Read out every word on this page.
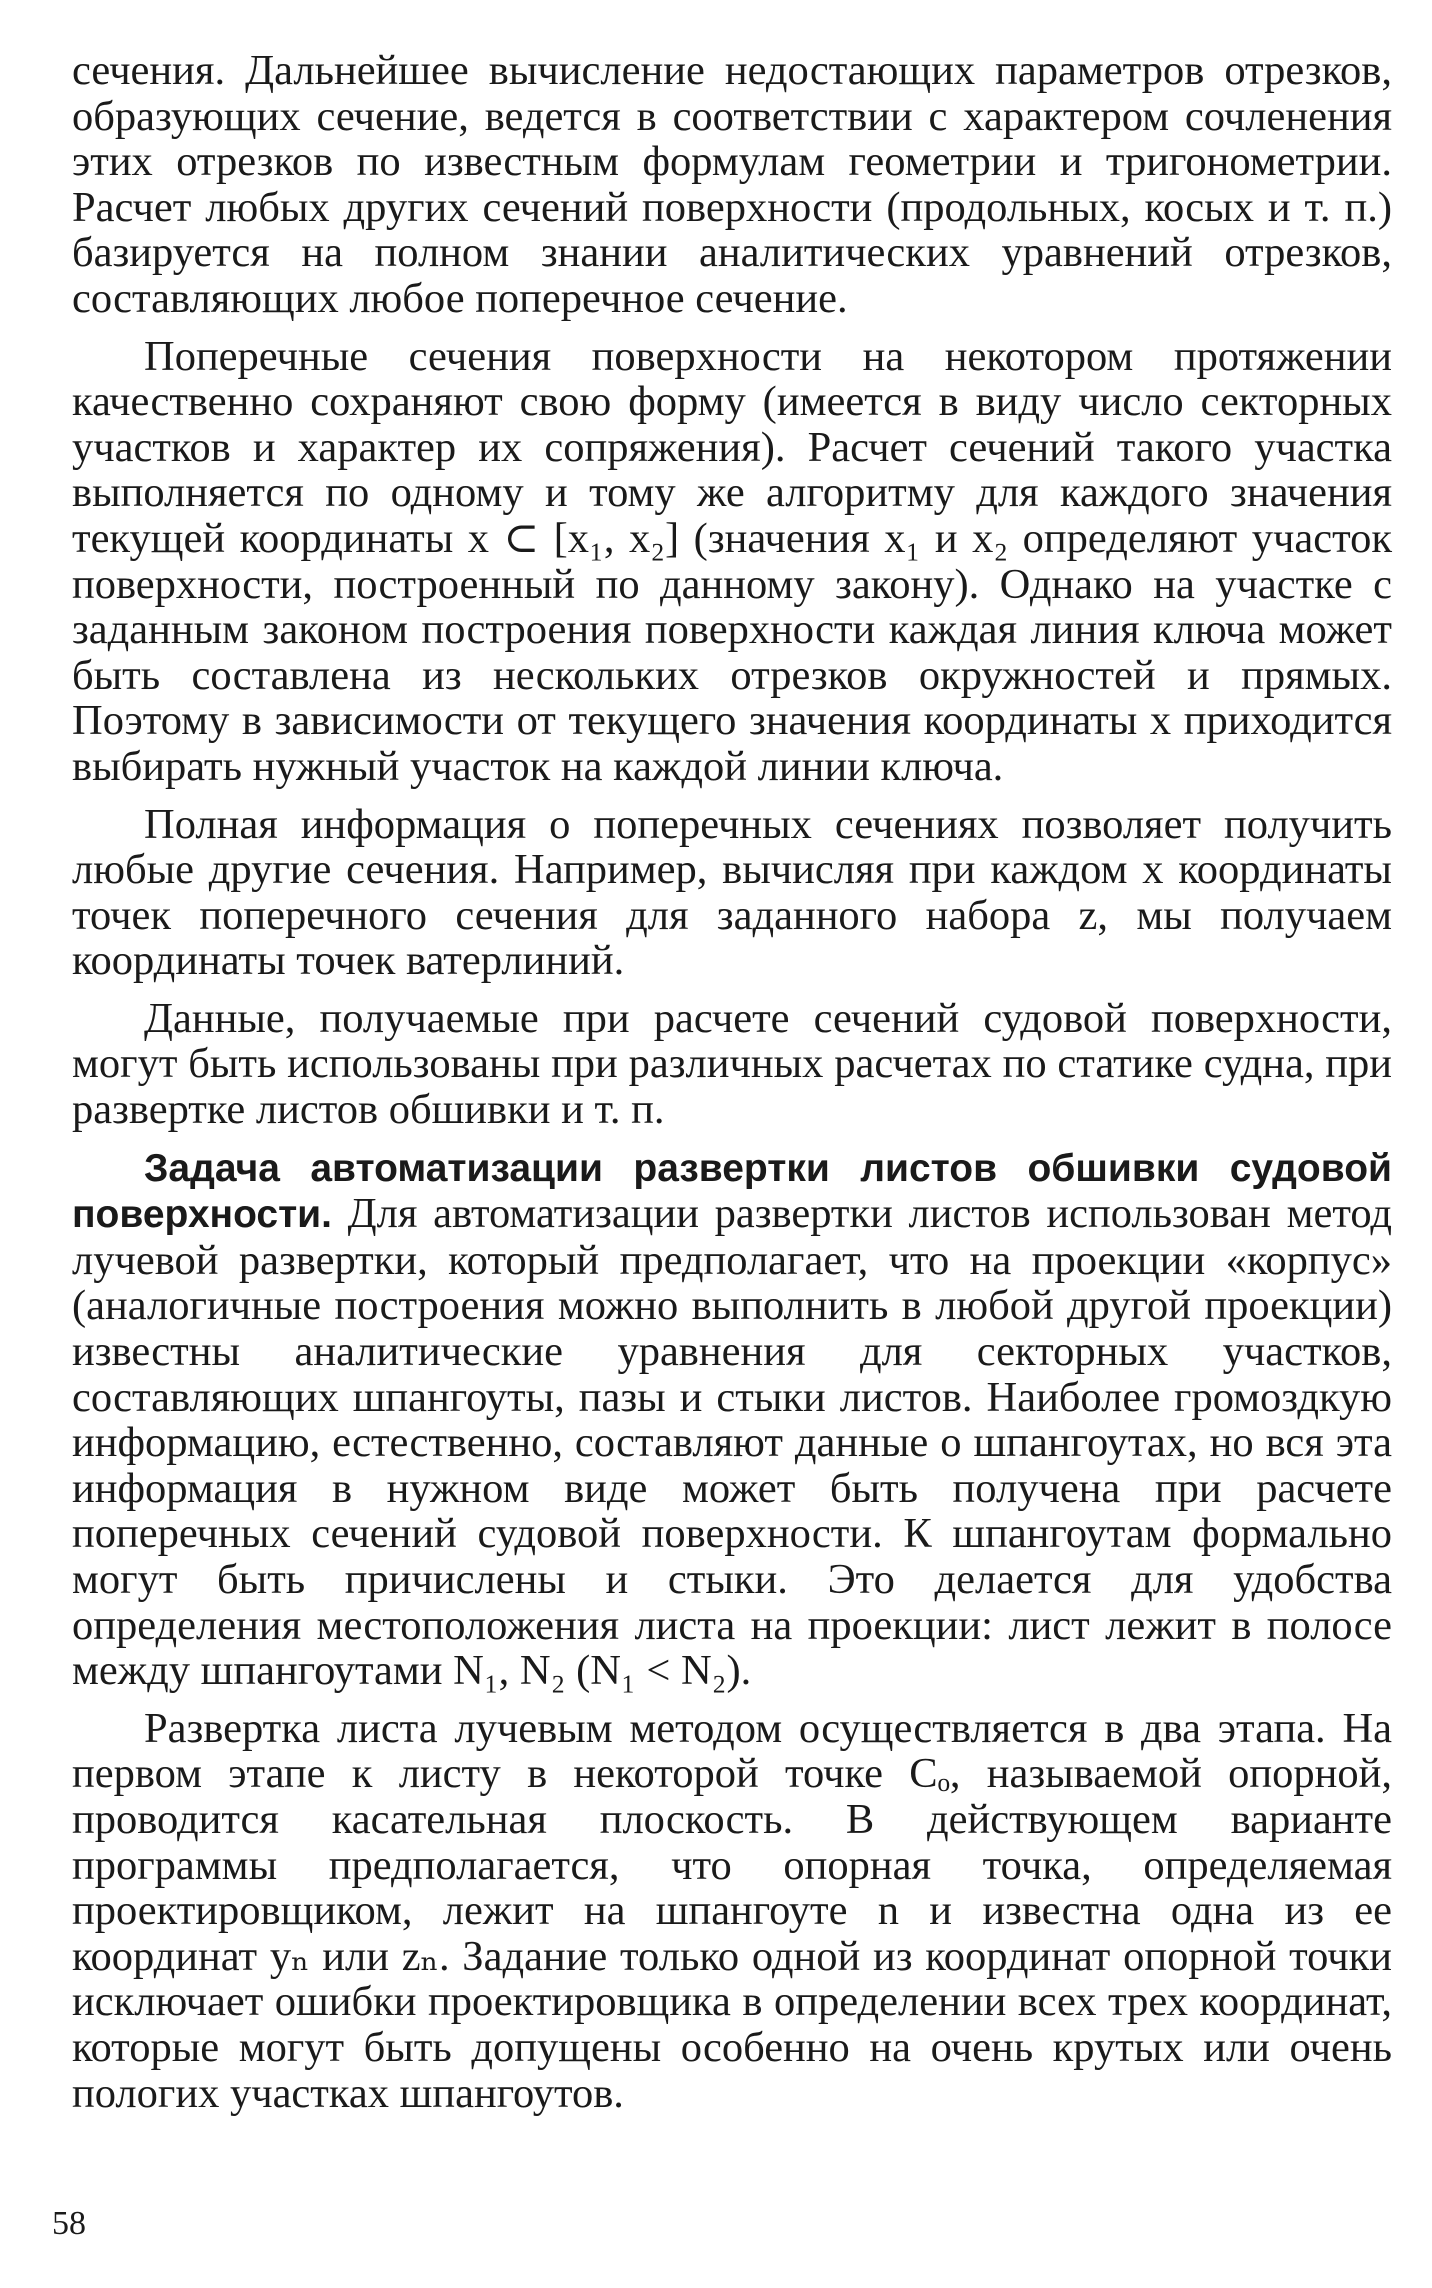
сечения. Дальнейшее вычисление недостающих параметров отрезков, образующих сечение, ведется в соответствии с характером сочленения этих отрезков по известным формулам геометрии и тригонометрии. Расчет любых других сечений поверхности (продольных, косых и т. п.) базируется на полном знании аналитических уравнений отрезков, составляющих любое поперечное сечение.

Поперечные сечения поверхности на некотором протяжении качественно сохраняют свою форму (имеется в виду число секторных участков и характер их сопряжения). Расчет сечений такого участка выполняется по одному и тому же алгоритму для каждого значения текущей координаты x ⊂ [x₁, x₂] (значения x₁ и x₂ определяют участок поверхности, построенный по данному закону). Однако на участке с заданным законом построения поверхности каждая линия ключа может быть составлена из нескольких отрезков окружностей и прямых. Поэтому в зависимости от текущего значения координаты x приходится выбирать нужный участок на каждой линии ключа.

Полная информация о поперечных сечениях позволяет получить любые другие сечения. Например, вычисляя при каждом x координаты точек поперечного сечения для заданного набора z, мы получаем координаты точек ватерлиний.

Данные, получаемые при расчете сечений судовой поверхности, могут быть использованы при различных расчетах по статике судна, при развертке листов обшивки и т. п.

Задача автоматизации развертки листов обшивки судовой поверхности. Для автоматизации развертки листов использован метод лучевой развертки, который предполагает, что на проекции «корпус» (аналогичные построения можно выполнить в любой другой проекции) известны аналитические уравнения для секторных участков, составляющих шпангоуты, пазы и стыки листов. Наиболее громоздкую информацию, естественно, составляют данные о шпангоутах, но вся эта информация в нужном виде может быть получена при расчете поперечных сечений судовой поверхности. К шпангоутам формально могут быть причислены и стыки. Это делается для удобства определения местоположения листа на проекции: лист лежит в полосе между шпангоутами N₁, N₂ (N₁ < N₂).

Развертка листа лучевым методом осуществляется в два этапа. На первом этапе к листу в некоторой точке Cₒ, называемой опорной, проводится касательная плоскость. В действующем варианте программы предполагается, что опорная точка, определяемая проектировщиком, лежит на шпангоуте n и известна одна из ее координат yₙ или zₙ. Задание только одной из координат опорной точки исключает ошибки проектировщика в определении всех трех координат, которые могут быть допущены особенно на очень крутых или очень пологих участках шпангоутов.

58
